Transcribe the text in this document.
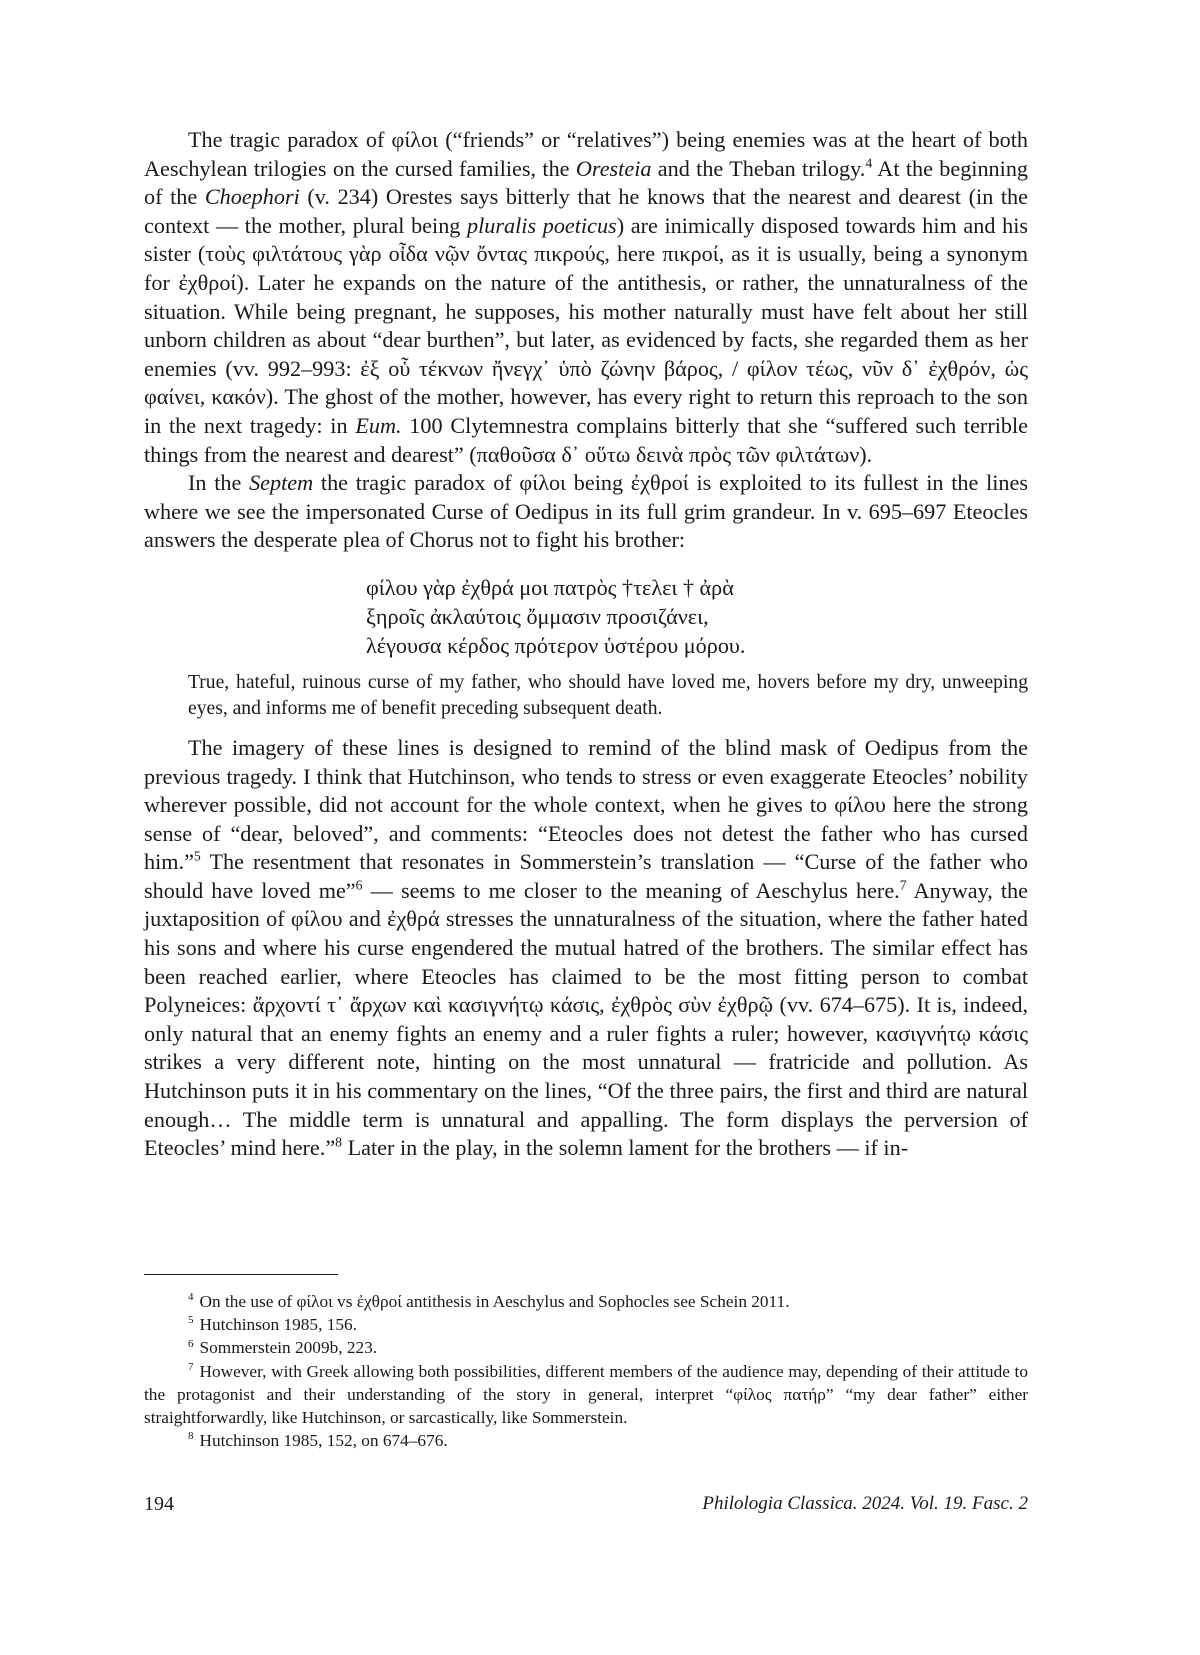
The tragic paradox of φίλοι (“friends” or “relatives”) being enemies was at the heart of both Aeschylean trilogies on the cursed families, the Oresteia and the Theban trilogy.$^4$ At the beginning of the Choephori (v. 234) Orestes says bitterly that he knows that the nearest and dearest (in the context — the mother, plural being pluralis poeticus) are inimically disposed towards him and his sister (τοὺς φιλτάτους γὰρ οἶδα νῷν ὄντας πικρούς, here πικροί, as it is usually, being a synonym for ἐχθροί). Later he expands on the nature of the antithesis, or rather, the unnaturalness of the situation. While being pregnant, he supposes, his mother naturally must have felt about her still unborn children as about “dear burthen”, but later, as evidenced by facts, she regarded them as her enemies (vv. 992–993: ἐξ οὗ τέκνων ἤνεγχ᾽ ὑπὸ ζώνην βάρος, / φίλον τέως, νῦν δ᾽ ἐχθρόν, ὡς φαίνει, κακόν). The ghost of the mother, however, has every right to return this reproach to the son in the next tragedy: in Eum. 100 Clytemnestra complains bitterly that she “suffered such terrible things from the nearest and dearest” (παθοῦσα δ᾽ οὕτω δεινὰ πρὸς τῶν φιλτάτων).

In the Septem the tragic paradox of φίλοι being ἐχθροί is exploited to its fullest in the lines where we see the impersonated Curse of Oedipus in its full grim grandeur. In v. 695–697 Eteocles answers the desperate plea of Chorus not to fight his brother:

φίλου γὰρ ἐχθρά μοι πατρὸς †τελει † ἀρὰ
ξηροῖς ἀκλαύτοις ὄμμασιν προσιζάνει,
λέγουσα κέρδος πρότερον ὑστέρου μόρου.

True, hateful, ruinous curse of my father, who should have loved me, hovers before my dry, unweeping eyes, and informs me of benefit preceding subsequent death.

The imagery of these lines is designed to remind of the blind mask of Oedipus from the previous tragedy. I think that Hutchinson, who tends to stress or even exaggerate Eteocles’ nobility wherever possible, did not account for the whole context, when he gives to φίλου here the strong sense of “dear, beloved”, and comments: “Eteocles does not detest the father who has cursed him.”$^5$ The resentment that resonates in Sommerstein’s translation — “Curse of the father who should have loved me”$^6$ — seems to me closer to the meaning of Aeschylus here.$^7$ Anyway, the juxtaposition of φίλου and ἐχθρά stresses the unnaturalness of the situation, where the father hated his sons and where his curse engendered the mutual hatred of the brothers. The similar effect has been reached earlier, where Eteocles has claimed to be the most fitting person to combat Polyneices: ἄρχοντί τ᾽ ἄρχων καὶ κασιγνήτῳ κάσις, ἐχθρὸς σὺν ἐχθρῷ (vv. 674–675). It is, indeed, only natural that an enemy fights an enemy and a ruler fights a ruler; however, κασιγνήτῳ κάσις strikes a very different note, hinting on the most unnatural — fratricide and pollution. As Hutchinson puts it in his commentary on the lines, “Of the three pairs, the first and third are natural enough… The middle term is unnatural and appalling. The form displays the perversion of Eteocles’ mind here.”$^8$ Later in the play, in the solemn lament for the brothers — if in-

$^4$ On the use of φίλοι vs ἐχθροί antithesis in Aeschylus and Sophocles see Schein 2011.

$^5$ Hutchinson 1985, 156.

$^6$ Sommerstein 2009b, 223.

$^7$ However, with Greek allowing both possibilities, different members of the audience may, depending of their attitude to the protagonist and their understanding of the story in general, interpret “φίλος πατήρ” “my dear father” either straightforwardly, like Hutchinson, or sarcastically, like Sommerstein.

$^8$ Hutchinson 1985, 152, on 674–676.

194	Philologia Classica. 2024. Vol. 19. Fasc. 2
